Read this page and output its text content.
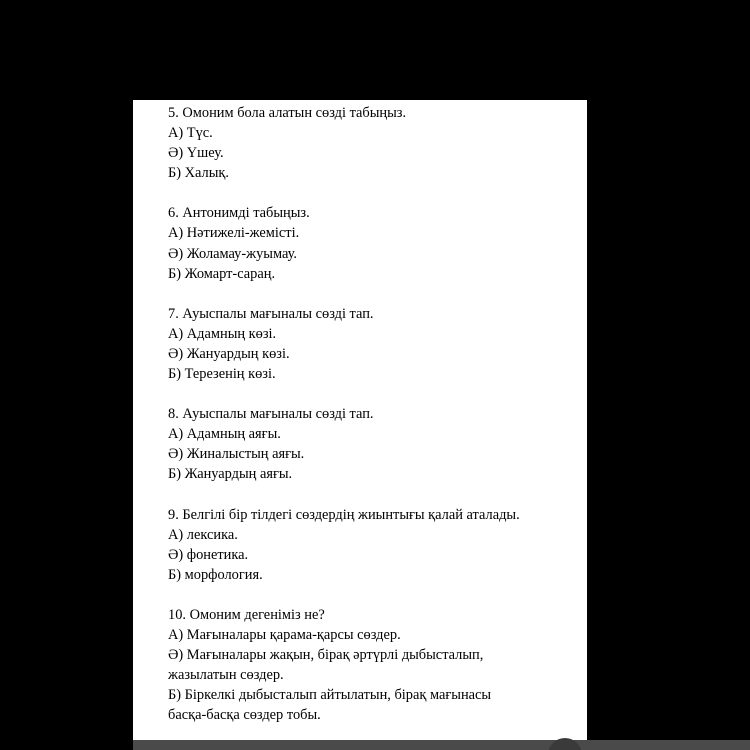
5. Омоним бола алатын сөзді табыңыз.
А) Түс.
Ә) Үшеу.
Б) Халық.
6. Антонимді табыңыз.
А) Нәтижелі-жемісті.
Ә) Жоламау-жуымау.
Б) Жомарт-сараң.
7. Ауыспалы мағыналы сөзді тап.
А) Адамның көзі.
Ә) Жануардың көзі.
Б) Терезенің көзі.
8. Ауыспалы мағыналы сөзді тап.
А) Адамның аяғы.
Ә) Жиналыстың аяғы.
Б) Жануардың аяғы.
9. Белгілі бір тілдегі сөздердің жиынтығы қалай аталады.
А) лексика.
Ә) фонетика.
Б) морфология.
10. Омоним дегеніміз не?
А) Мағыналары қарама-қарсы сөздер.
Ә) Мағыналары жақын, бірақ әртүрлі дыбысталып,
жазылатын сөздер.
Б) Біркелкі дыбысталып айтылатын, бірақ мағынасы
басқа-басқа сөздер тобы.
